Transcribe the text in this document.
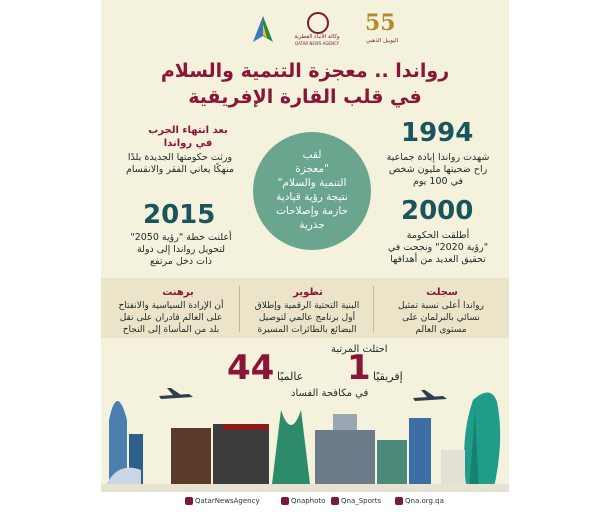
وكالة الأنباء القطرية
QATAR NEWS AGENCY
55
اليوبيل الذهبي
رواندا .. معجزة التنمية والسلام
في قلب القارة الإفريقية
بعد انتهاء الحرب
في رواندا
ورثت حكومتها الجديدة بلدًا
منهكًا يعاني الفقر والانقسام
2015
أعلنت خطة "رؤية 2050"
لتحويل رواندا إلى دولة
ذات دخل مرتفع
لقب
"معجزة
التنمية والسلام"
نتيجة رؤية قيادية
حازمة وإصلاحات
جذرية
1994
شهدت رواندا إبادة جماعية
راح ضحيتها مليون شخص
في 100 يوم
2000
أطلقت الحكومة
"رؤية 2020" ونجحت في
تحقيق العديد من أهدافها
برهنت
أن الإرادة السياسية والانفتاح
على العالم قادران على نقل
بلد من المأساة إلى النجاح
تطوير
البنية التحتية الرقمية وإطلاق
أول برنامج عالمي لتوصيل
البضائع بالطائرات المسيرة
سجلت
رواندا أعلى نسبة تمثيل
نسائي بالبرلمان على
مستوى العالم
احتلت المرتبة
1 إفريقيًا
44 عالميًا
في مكافحة الفساد
QatarNewsAgency	Qnaphoto	Qna_Sports	Qna.org.qa
